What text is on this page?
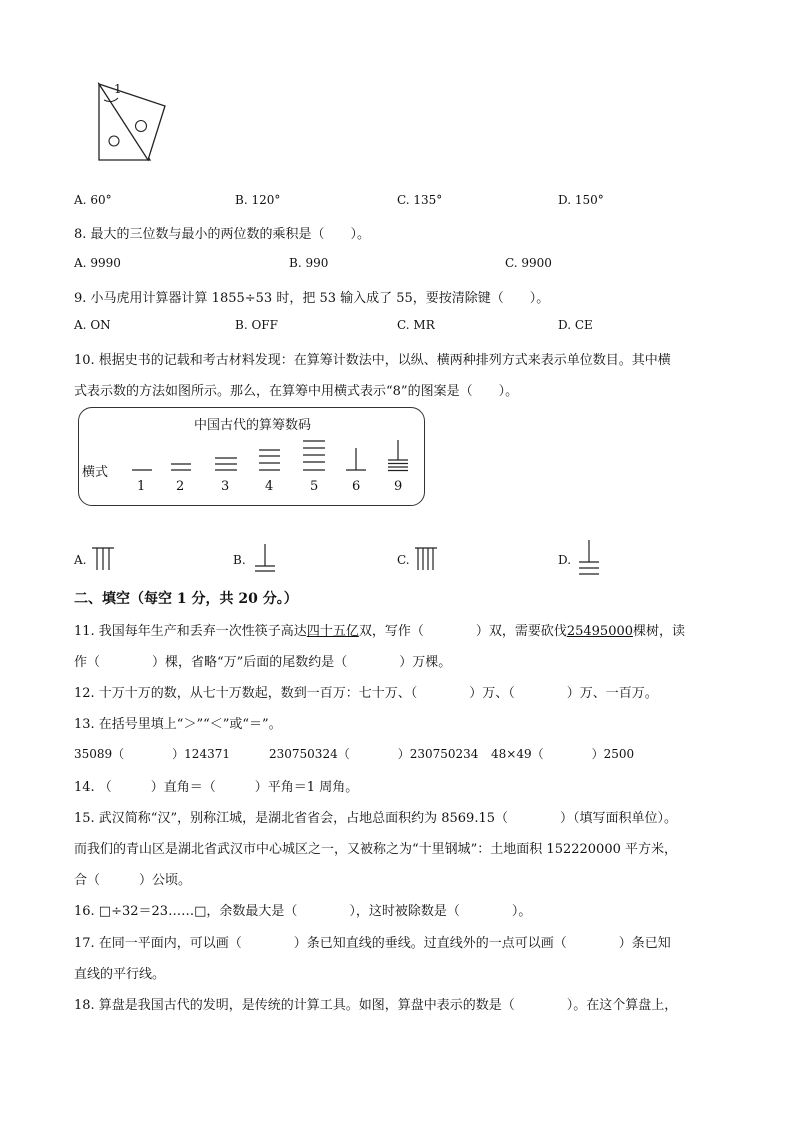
1
A. 60°	B. 120°	C. 135°	D. 150°
8. 最大的三位数与最小的两位数的乘积是（　　）。
A. 9990	B. 990	C. 9900
9. 小马虎用计算器计算 1855÷53 时，把 53 输入成了 55，要按清除键（　　）。
A. ON	B. OFF	C. MR	D. CE
10. 根据史书的记载和考古材料发现：在算筹计数法中，以纵、横两种排列方式来表示单位数目。其中横
式表示数的方法如图所示。那么，在算筹中用横式表示“8”的图案是（　　）。
中国古代的算筹数码
横式
1 2	3	4	5	6	9
A.	B.	C.	D.
二、填空（每空 1 分，共 20 分。）
11. 我国每年生产和丢弃一次性筷子高达四十五亿双，写作（　　　　）双，需要砍伐25495000棵树，读
作（　　　　）棵，省略“万”后面的尾数约是（　　　　）万棵。
12. 十万十万的数，从七十万数起，数到一百万：七十万、（　　　　）万、（　　　　）万、一百万。
13. 在括号里填上“＞”“＜”或“＝”。
35089（　　　　）124371	230750324（　　　　）230750234 48×49（　　　　）2500
14. （　　　）直角＝（　　　）平角＝1 周角。
15. 武汉简称“汉”，别称江城，是湖北省省会，占地总面积约为 8569.15（　　　　）（填写面积单位）。
而我们的青山区是湖北省武汉市中心城区之一，又被称之为“十里钢城”：土地面积 152220000 平方米，
合（　　　）公顷。
16. □÷32＝23……□，余数最大是（　　　　），这时被除数是（　　　　）。
17. 在同一平面内，可以画（　　　　）条已知直线的垂线。过直线外的一点可以画（　　　　）条已知
直线的平行线。
18. 算盘是我国古代的发明，是传统的计算工具。如图，算盘中表示的数是（　　　　）。在这个算盘上，
